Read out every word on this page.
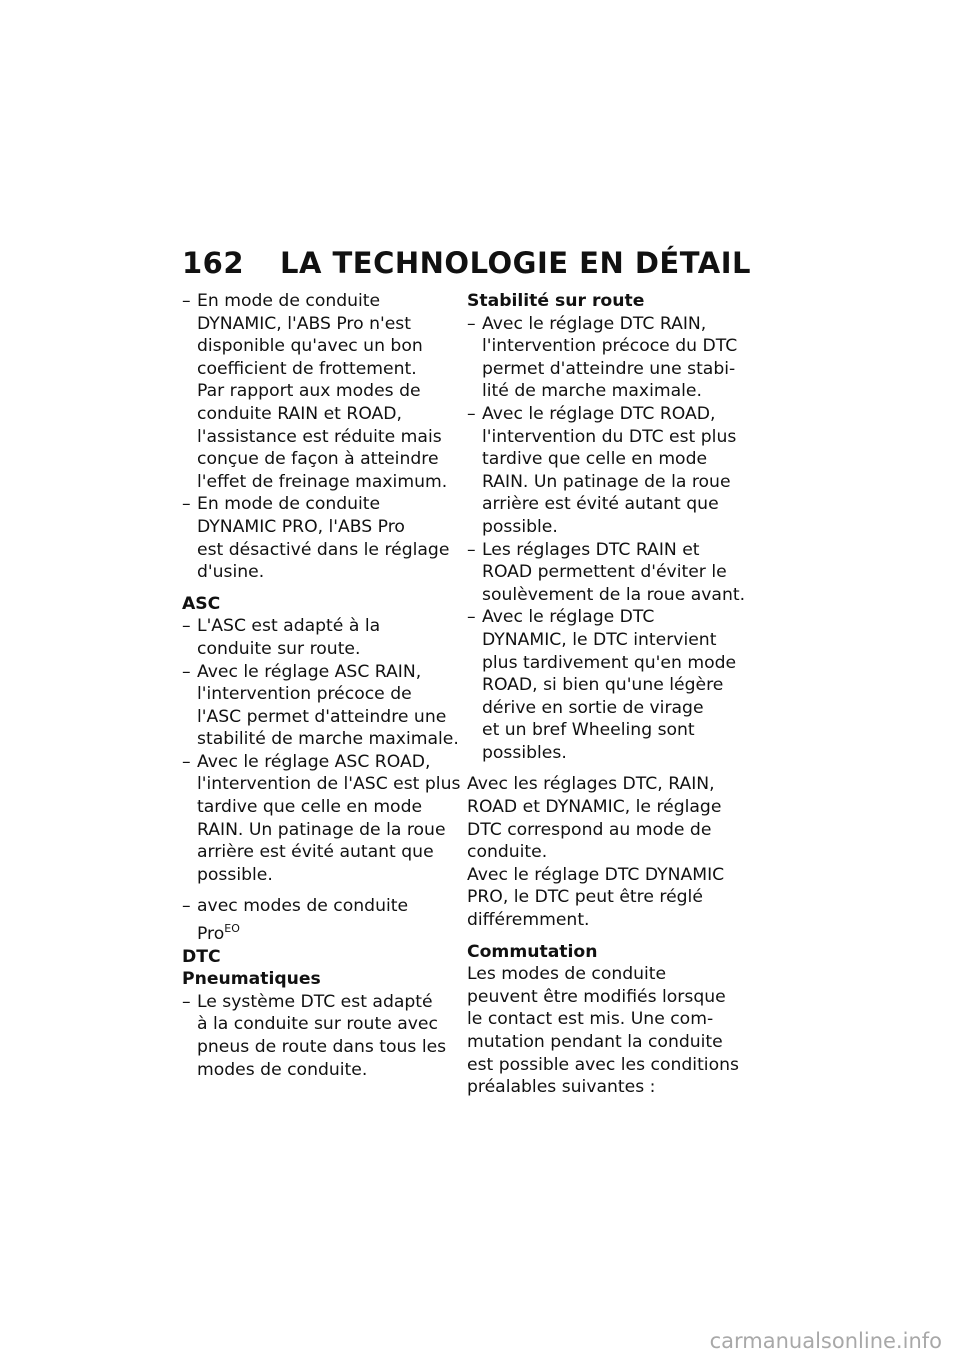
162 LA TECHNOLOGIE EN DÉTAIL
– En mode de conduite
DYNAMIC, l'ABS Pro n'est
disponible qu'avec un bon
coefficient de frottement.
Par rapport aux modes de
conduite RAIN et ROAD,
l'assistance est réduite mais
conçue de façon à atteindre
l'effet de freinage maximum.
– En mode de conduite
DYNAMIC PRO, l'ABS Pro
est désactivé dans le réglage
d'usine.
ASC
– L'ASC est adapté à la
conduite sur route.
– Avec le réglage ASC RAIN,
l'intervention précoce de
l'ASC permet d'atteindre une
stabilité de marche maximale.
– Avec le réglage ASC ROAD,
l'intervention de l'ASC est plus
tardive que celle en mode
RAIN. Un patinage de la roue
arrière est évité autant que
possible.
– avec modes de conduite
Pro$^{EO}$
DTC
Pneumatiques
– Le système DTC est adapté
à la conduite sur route avec
pneus de route dans tous les
modes de conduite.
Stabilité sur route
– Avec le réglage DTC RAIN,
l'intervention précoce du DTC
permet d'atteindre une stabi-
lité de marche maximale.
– Avec le réglage DTC ROAD,
l'intervention du DTC est plus
tardive que celle en mode
RAIN. Un patinage de la roue
arrière est évité autant que
possible.
– Les réglages DTC RAIN et
ROAD permettent d'éviter le
soulèvement de la roue avant.
– Avec le réglage DTC
DYNAMIC, le DTC intervient
plus tardivement qu'en mode
ROAD, si bien qu'une légère
dérive en sortie de virage
et un bref Wheeling sont
possibles.
Avec les réglages DTC, RAIN,
ROAD et DYNAMIC, le réglage
DTC correspond au mode de
conduite.
Avec le réglage DTC DYNAMIC
PRO, le DTC peut être réglé
différemment.
Commutation
Les modes de conduite
peuvent être modifiés lorsque
le contact est mis. Une com-
mutation pendant la conduite
est possible avec les conditions
préalables suivantes :
carmanualsonline.info
